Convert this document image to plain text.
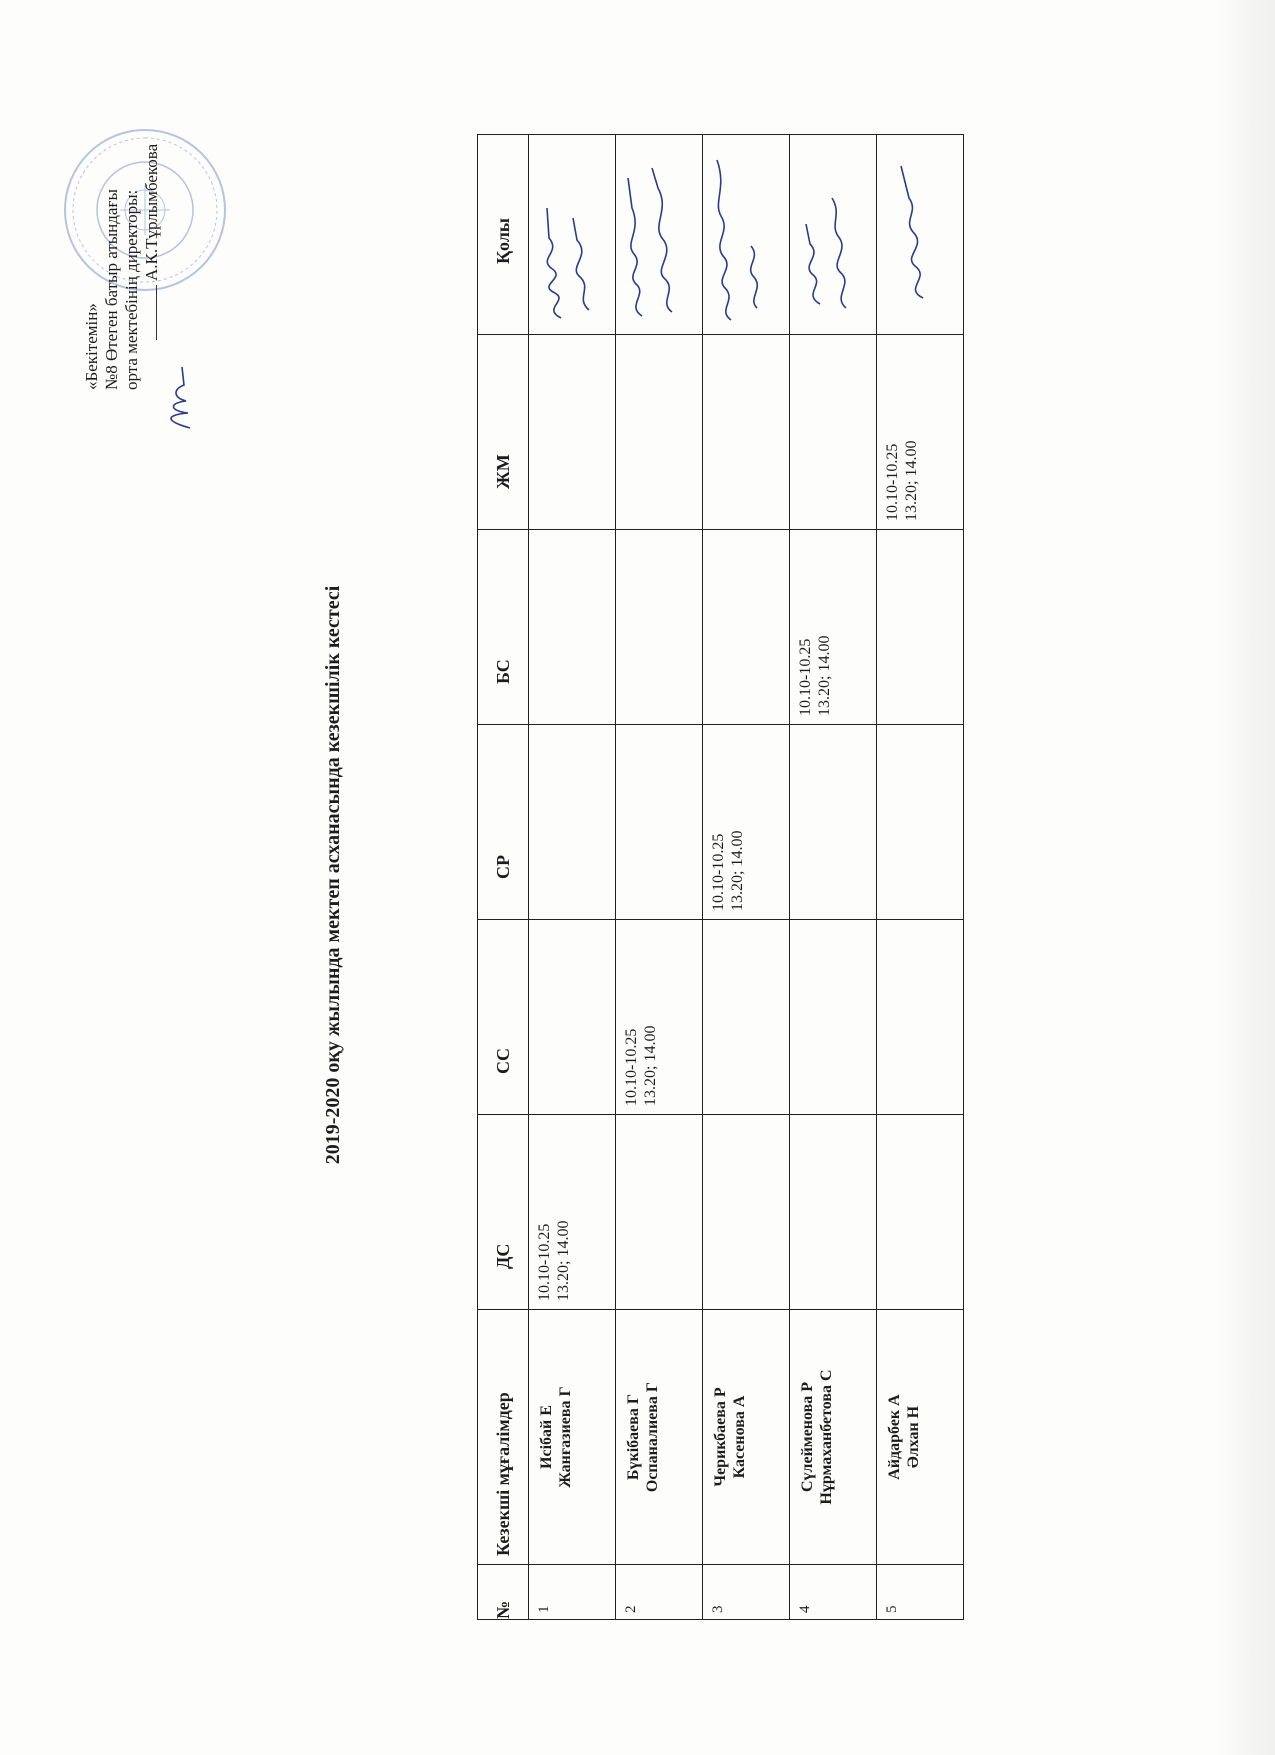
«Бекітемін» №8 Өтеген батыр атындағы орта мектебінің директоры: А.К.Тұрлымбекова
2019-2020 оқу жылында мектеп асханасында кезекшілік кестесі
№	Кезекші мұғалімдер	ДС	СС	СР	БС	ЖМ	Қолы
1	Исібай Е Жанғазиева Г	10.10-10.25 13.20; 14.00

2	Бүкібаева Г Оспаналиева Г		10.10-10.25 13.20; 14.00

3	Черикбаева Р Касенова А			10.10-10.25 13.20; 14.00

4	Сүлейменова Р Нұрмаханбетова С				10.10-10.25 13.20; 14.00

5	Айдарбек А Әлхан Н					10.10-10.25 13.20; 14.00
